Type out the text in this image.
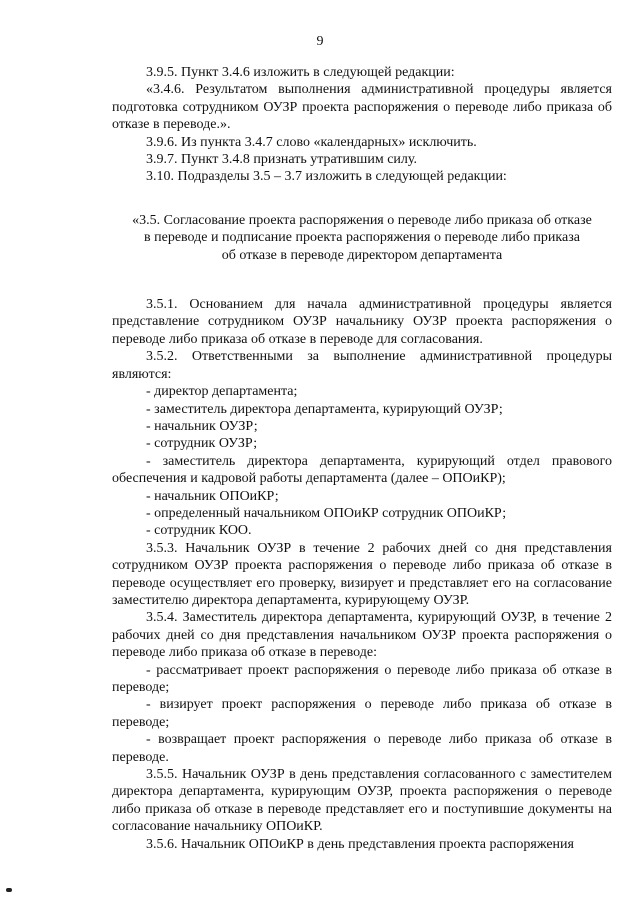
9

3.9.5. Пункт 3.4.6 изложить в следующей редакции:

«3.4.6. Результатом выполнения административной процедуры является подготовка сотрудником ОУЗР проекта распоряжения о переводе либо приказа об отказе в переводе.».

3.9.6. Из пункта 3.4.7 слово «календарных» исключить.

3.9.7. Пункт 3.4.8 признать утратившим силу.

3.10. Подразделы 3.5 – 3.7 изложить в следующей редакции:

«3.5. Согласование проекта распоряжения о переводе либо приказа об отказе
в переводе и подписание проекта распоряжения о переводе либо приказа
об отказе в переводе директором департамента

3.5.1. Основанием для начала административной процедуры является представление сотрудником ОУЗР начальнику ОУЗР проекта распоряжения о переводе либо приказа об отказе в переводе для согласования.

3.5.2. Ответственными за выполнение административной процедуры являются:

- директор департамента;

- заместитель директора департамента, курирующий ОУЗР;

- начальник ОУЗР;

- сотрудник ОУЗР;

- заместитель директора департамента, курирующий отдел правового обеспечения и кадровой работы департамента (далее – ОПОиКР);

- начальник ОПОиКР;

- определенный начальником ОПОиКР сотрудник ОПОиКР;

- сотрудник КОО.

3.5.3. Начальник ОУЗР в течение 2 рабочих дней со дня представления сотрудником ОУЗР проекта распоряжения о переводе либо приказа об отказе в переводе осуществляет его проверку, визирует и представляет его на согласование заместителю директора департамента, курирующему ОУЗР.

3.5.4. Заместитель директора департамента, курирующий ОУЗР, в течение 2 рабочих дней со дня представления начальником ОУЗР проекта распоряжения о переводе либо приказа об отказе в переводе:

- рассматривает проект распоряжения о переводе либо приказа об отказе в переводе;

- визирует проект распоряжения о переводе либо приказа об отказе в переводе;

- возвращает проект распоряжения о переводе либо приказа об отказе в переводе.

3.5.5. Начальник ОУЗР в день представления согласованного с заместителем директора департамента, курирующим ОУЗР, проекта распоряжения о переводе либо приказа об отказе в переводе представляет его и поступившие документы на согласование начальнику ОПОиКР.

3.5.6. Начальник ОПОиКР в день представления проекта распоряжения
